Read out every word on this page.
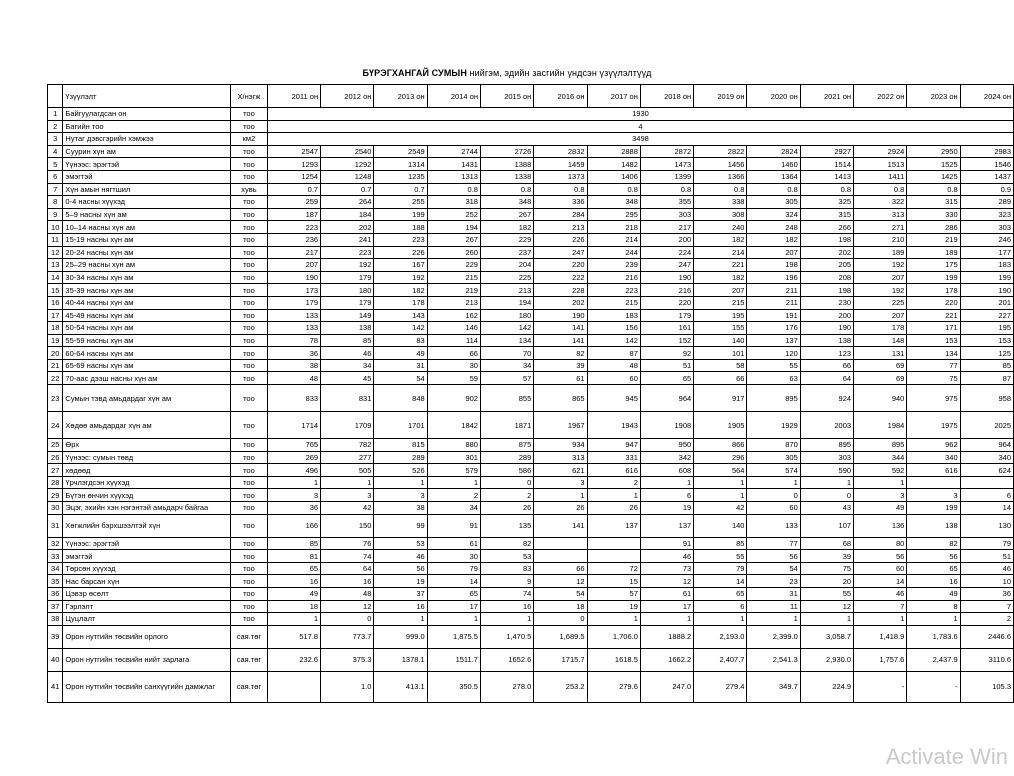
БҮРЭГХАНГАЙ СУМЫН нийгэм, эдийн засгийн үндсэн үзүүлэлтүүд
	Үзүүлэлт	Х/нэгж	2011 он	2012 он	2013 он	2014 он	2015 он	2016 он	2017 он	2018 он	2019 он	2020 он	2021 он	2022 он	2023 он	2024 он
1	Байгуулагдсан он	тоо	1930													
2	Багийн тоо	тоо	4													
3	Нутаг дэвсгэрийн хэмжээ	км2	3498													
4	Суурин хүн ам	тоо	2547	2540	2549	2744	2726	2832	2888	2872	2822	2824	2927	2924	2950	2983
5	Үүнээс: эрэгтэй	тоо	1293	1292	1314	1431	1388	1459	1482	1473	1456	1460	1514	1513	1525	1546
6	эмэгтэй	тоо	1254	1248	1235	1313	1338	1373	1406	1399	1366	1364	1413	1411	1425	1437
7	Хүн амын нягтшил	хувь	0.7	0.7	0.7	0.8	0.8	0.8	0.8	0.8	0.8	0.8	0.8	0.8	0.8	0.9
8	0-4 насны хүүхэд	тоо	259	264	255	318	348	336	348	355	338	305	325	322	315	289
9	5–9 насны хүн ам	тоо	187	184	199	252	267	284	295	303	308	324	315	313	330	323
10	10–14 насны хүн ам	тоо	223	202	188	194	182	213	218	217	240	248	266	271	286	303
11	15-19 насны хүн ам	тоо	236	241	223	267	229	226	214	200	182	182	198	210	219	246
12	20-24 насны хүн ам	тоо	217	223	226	260	237	247	244	224	214	207	202	189	189	177
13	25–29 насны хүн ам	тоо	207	192	167	229	204	220	239	247	221	198	205	192	175	183
14	30-34 насны хүн ам	тоо	190	179	192	215	225	222	216	190	182	196	208	207	199	199
15	35-39 насны хүн ам	тоо	173	180	182	219	213	228	223	216	207	211	198	192	178	190
16	40-44 насны хүн ам	тоо	179	179	178	213	194	202	215	220	215	211	230	225	220	201
17	45-49 насны хүн ам	тоо	133	149	143	162	180	190	183	179	195	191	200	207	221	227
18	50-54 насны хүн ам	тоо	133	138	142	146	142	141	156	161	155	176	190	178	171	195
19	55-59 насны хүн ам	тоо	78	85	83	114	134	141	142	152	140	137	138	148	153	153
20	60-64 насны хүн ам	тоо	36	46	49	66	70	82	87	92	101	120	123	131	134	125
21	65-69 насны хүн ам	тоо	38	34	31	30	34	39	48	51	58	55	66	69	77	85
22	70-аас дээш насны хүн ам	тоо	48	45	54	59	57	61	60	65	66	63	64	69	75	87
23	Сумын тэвд амьдардаг хүн ам	тоо	833	831	848	902	855	865	945	964	917	895	924	940	975	958
24	Хөдөө амьдардаг хүн ам	тоо	1714	1709	1701	1842	1871	1967	1943	1908	1905	1929	2003	1984	1975	2025
25	Өрх	тоо	765	782	815	880	875	934	947	950	866	870	895	895	962	964
26	Үүнээс: сумын төвд	тоо	269	277	289	301	289	313	331	342	296	305	303	344	340	340
27	хөдөөд	тоо	496	505	526	579	586	621	616	608	564	574	590	592	616	624
28	Үрчлэгдсэн хүүхэд	тоо	1	1	1	1	0	3	2	1	1	1	1	1		
29	Бүтэн өнчин хүүхэд	тоо	3	3	3	2	2	1	1	6	1	0	0	3	3	6
30	Эцэг, эхийн хэн нэгэнтэй амьдарч байгаа	тоо	36	42	38	34	26	26	26	19	42	60	43	49	199	14
31	Хөгжлийн бэрхшээлтэй хүн	тоо	166	150	99	91	135	141	137	137	140	133	107	136	138	130
32	Үүнээс: эрэгтэй	тоо	85	76	53	61	82			91	85	77	68	80	82	79
33	эмэгтэй	тоо	81	74	46	30	53			46	55	56	39	56	56	51
34	Төрсөн хүүхэд	тоо	65	64	56	79	83	66	72	73	79	54	75	60	65	46
35	Нас барсан хүн	тоо	16	16	19	14	9	12	15	12	14	23	20	14	16	10
36	Цэвэр өсөлт	тоо	49	48	37	65	74	54	57	61	65	31	55	46	49	36
37	Гэрлэлт	тоо	18	12	16	17	16	18	19	17	6	11	12	7	8	7
38	Цуцлалт	тоо	1	0	1	1	1	0	1	1	1	1	1	1	1	2
39	Орон нутгийн төсвийн орлого	сая.төг	517.8	773.7	999.0	1,875.5	1,470.5	1,689.5	1,706.0	1888.2	2,193.0	2,399.0	3,058.7	1,418.9	1,783.6	2446.6
40	Орон нутгийн төсвийн нийт зарлага	сая.төг	232.6	375.3	1378.1	1511.7	1652.6	1715.7	1618.5	1662.2	2,407.7	2,541.3	2,930.0	1,757.6	2,437.9	3110.6
41	Орон нутгийн төсвийн санхүүгийн дамжлаг	сая.төг		1.0	413.1	350.5	278.0	253.2	279.6	247.0	279.4	349.7	224.9	-	-	105.3
Activate Win
